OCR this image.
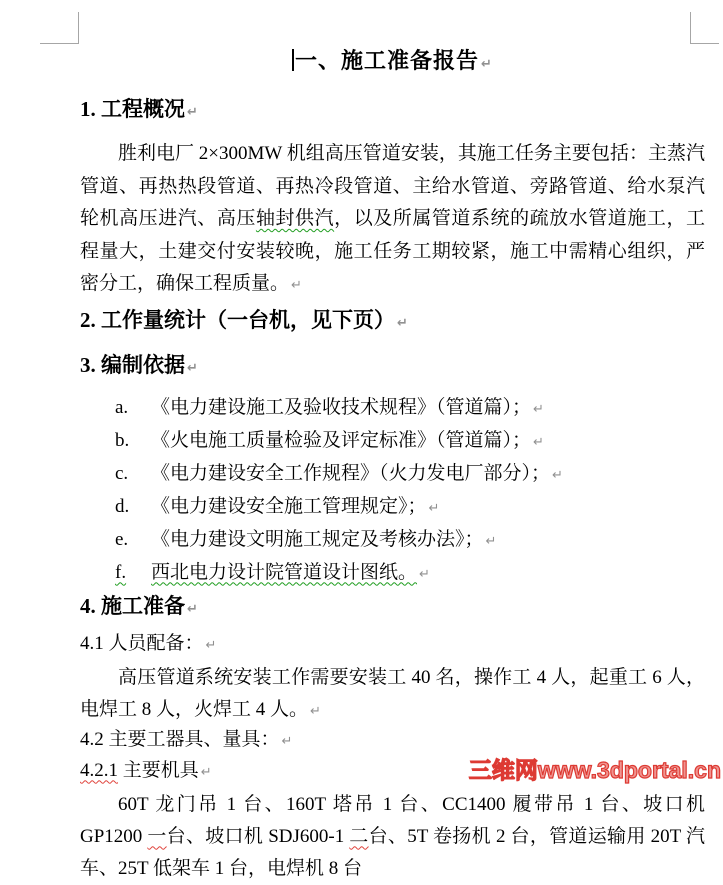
一、施工准备报告 ↵
1. 工程概况 ↵

胜利电厂 2×300MW 机组高压管道安装，其施工任务主要包括：主蒸汽管道、再热热段管道、再热冷段管道、主给水管道、旁路管道、给水泵汽轮机高压进汽、高压轴封供汽，以及所属管道系统的疏放水管道施工，工程量大，土建交付安装较晚，施工任务工期较紧，施工中需精心组织，严密分工，确保工程质量。 ↵

2. 工作量统计（一台机，见下页） ↵
3. 编制依据 ↵
a. 《电力建设施工及验收技术规程》（管道篇）； ↵
b. 《火电施工质量检验及评定标准》（管道篇）； ↵
c. 《电力建设安全工作规程》（火力发电厂部分）； ↵
d. 《电力建设安全施工管理规定》； ↵
e. 《电力建设文明施工规定及考核办法》； ↵
f. 西北电力设计院管道设计图纸。 ↵
4. 施工准备 ↵

4.1 人员配备： ↵

高压管道系统安装工作需要安装工 40 名，操作工 4 人，起重工 6 人，电焊工 8 人，火焊工 4 人。 ↵

4.2 主要工器具、量具： ↵

4.2.1 主要机具 ↵

60T 龙门吊 1 台、160T 塔吊 1 台、CC1400 履带吊 1 台、坡口机 GP1200 一台、坡口机 SDJ600-1 二台、5T 卷扬机 2 台，管道运输用 20T 汽车、25T 低架车 1 台，电焊机 8 台

三维网www.3dportal.cn
